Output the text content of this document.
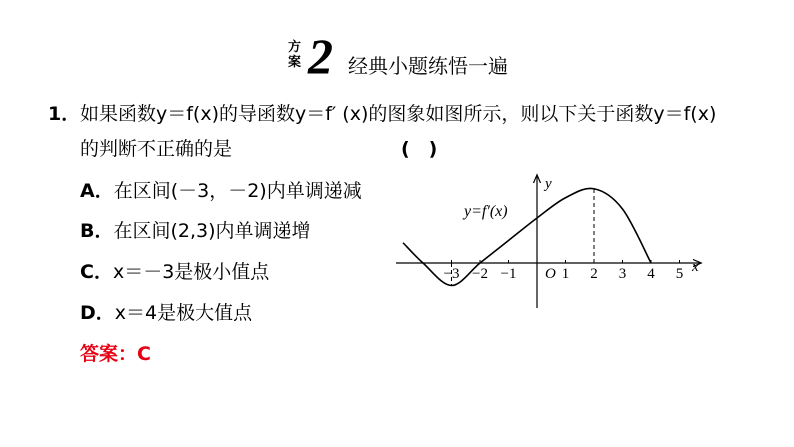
方案 2 经典小题练悟一遍
1． 如果函数y＝f(x)的导函数y＝f′ (x)的图象如图所示，则以下关于函数y＝f(x)
的判断不正确的是	(　)
A．在区间(－3，－2)内单调递减
B．在区间(2,3)内单调递增
C．x＝－3是极小值点
D．x＝4是极大值点
答案：C
−3 −2 −1	1 2 3 4 5
O	x
y
y=f′(x)
